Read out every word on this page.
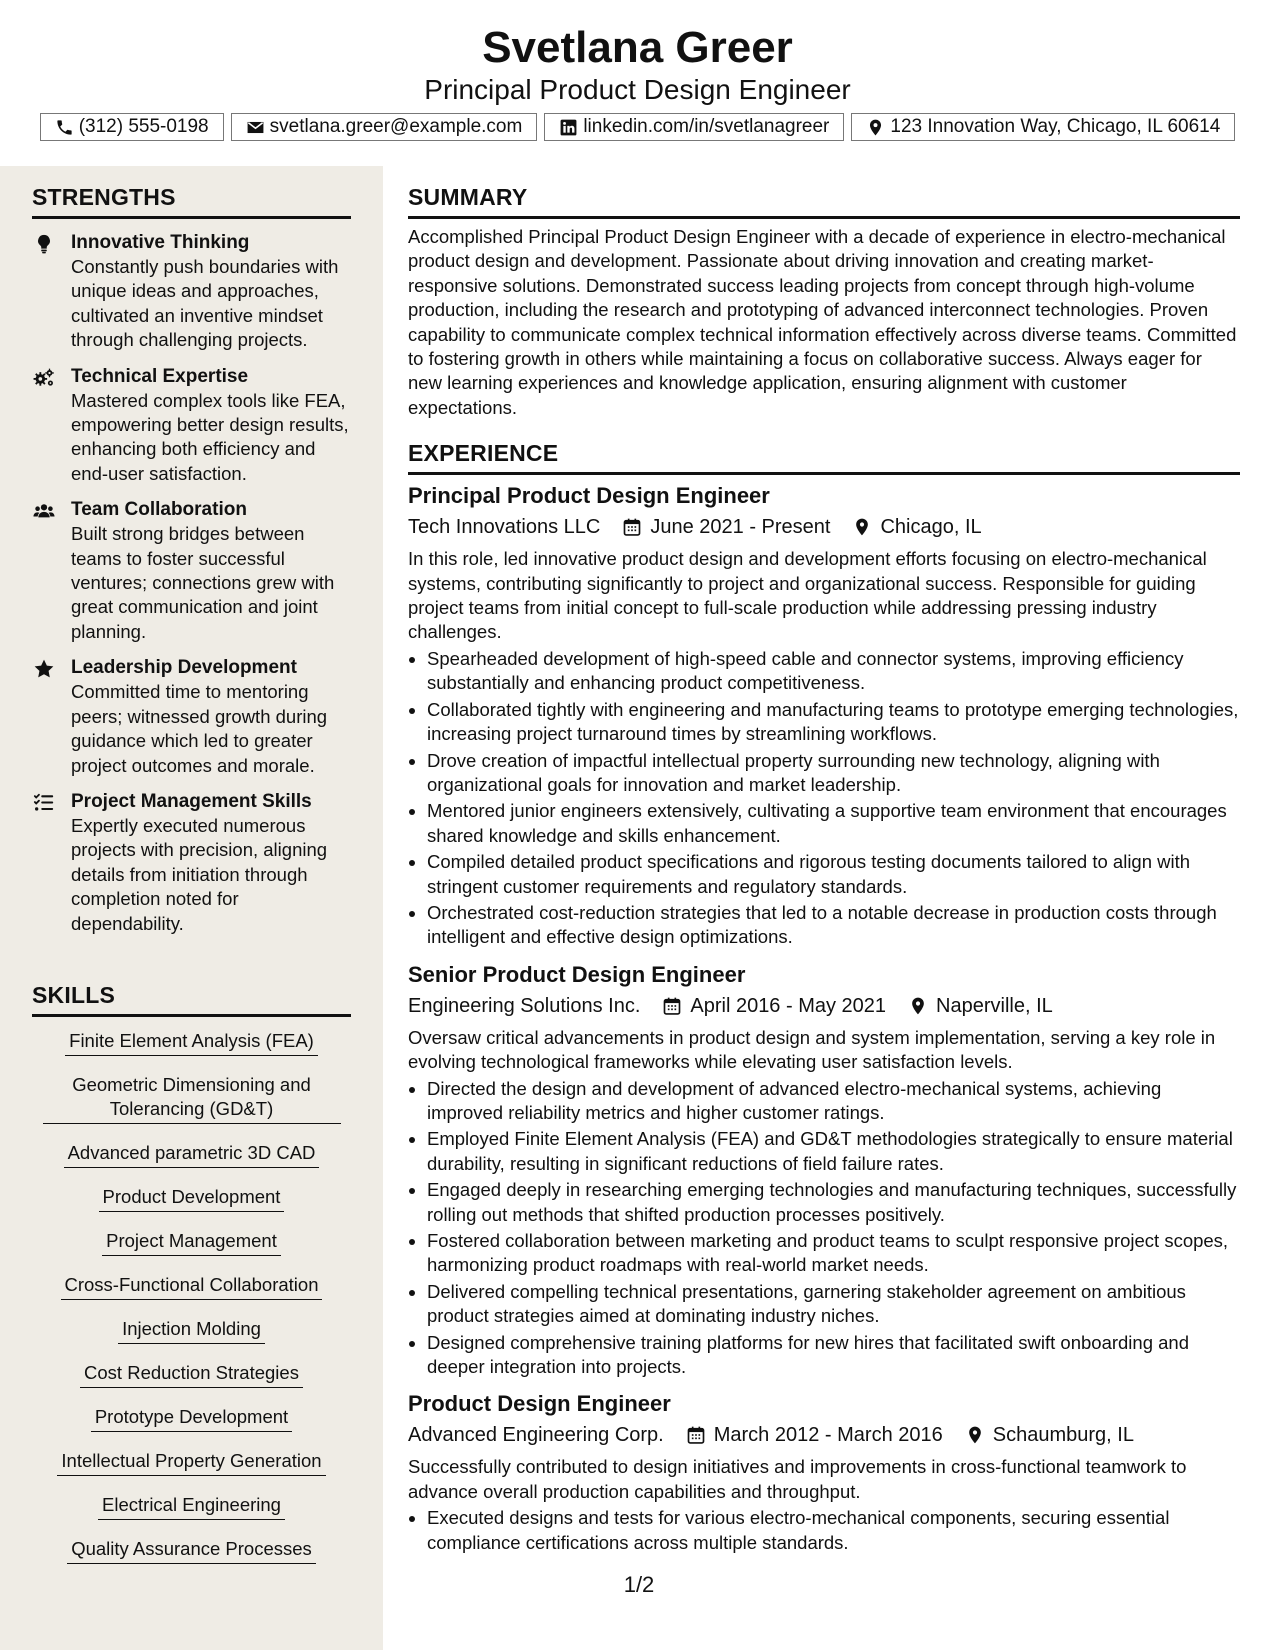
Svetlana Greer
Principal Product Design Engineer
(312) 555-0198	svetlana.greer@example.com	linkedin.com/in/svetlanagreer	123 Innovation Way, Chicago, IL 60614
STRENGTHS
Innovative Thinking
Constantly push boundaries with unique ideas and approaches, cultivated an inventive mindset through challenging projects.
Technical Expertise
Mastered complex tools like FEA, empowering better design results, enhancing both efficiency and end-user satisfaction.
Team Collaboration
Built strong bridges between teams to foster successful ventures; connections grew with great communication and joint planning.
Leadership Development
Committed time to mentoring peers; witnessed growth during guidance which led to greater project outcomes and morale.
Project Management Skills
Expertly executed numerous projects with precision, aligning details from initiation through completion noted for dependability.
SKILLS
Finite Element Analysis (FEA)
Geometric Dimensioning and Tolerancing (GD&T)
Advanced parametric 3D CAD
Product Development
Project Management
Cross-Functional Collaboration
Injection Molding
Cost Reduction Strategies
Prototype Development
Intellectual Property Generation
Electrical Engineering
Quality Assurance Processes
SUMMARY
Accomplished Principal Product Design Engineer with a decade of experience in electro-mechanical product design and development. Passionate about driving innovation and creating market-responsive solutions. Demonstrated success leading projects from concept through high-volume production, including the research and prototyping of advanced interconnect technologies. Proven capability to communicate complex technical information effectively across diverse teams. Committed to fostering growth in others while maintaining a focus on collaborative success. Always eager for new learning experiences and knowledge application, ensuring alignment with customer expectations.
EXPERIENCE
Principal Product Design Engineer
Tech Innovations LLC	June 2021 - Present	Chicago, IL
In this role, led innovative product design and development efforts focusing on electro-mechanical systems, contributing significantly to project and organizational success. Responsible for guiding project teams from initial concept to full-scale production while addressing pressing industry challenges.
• Spearheaded development of high-speed cable and connector systems, improving efficiency substantially and enhancing product competitiveness.
• Collaborated tightly with engineering and manufacturing teams to prototype emerging technologies, increasing project turnaround times by streamlining workflows.
• Drove creation of impactful intellectual property surrounding new technology, aligning with organizational goals for innovation and market leadership.
• Mentored junior engineers extensively, cultivating a supportive team environment that encourages shared knowledge and skills enhancement.
• Compiled detailed product specifications and rigorous testing documents tailored to align with stringent customer requirements and regulatory standards.
• Orchestrated cost-reduction strategies that led to a notable decrease in production costs through intelligent and effective design optimizations.
Senior Product Design Engineer
Engineering Solutions Inc.	April 2016 - May 2021	Naperville, IL
Oversaw critical advancements in product design and system implementation, serving a key role in evolving technological frameworks while elevating user satisfaction levels.
• Directed the design and development of advanced electro-mechanical systems, achieving improved reliability metrics and higher customer ratings.
• Employed Finite Element Analysis (FEA) and GD&T methodologies strategically to ensure material durability, resulting in significant reductions of field failure rates.
• Engaged deeply in researching emerging technologies and manufacturing techniques, successfully rolling out methods that shifted production processes positively.
• Fostered collaboration between marketing and product teams to sculpt responsive project scopes, harmonizing product roadmaps with real-world market needs.
• Delivered compelling technical presentations, garnering stakeholder agreement on ambitious product strategies aimed at dominating industry niches.
• Designed comprehensive training platforms for new hires that facilitated swift onboarding and deeper integration into projects.
Product Design Engineer
Advanced Engineering Corp.	March 2012 - March 2016	Schaumburg, IL
Successfully contributed to design initiatives and improvements in cross-functional teamwork to advance overall production capabilities and throughput.
• Executed designs and tests for various electro-mechanical components, securing essential compliance certifications across multiple standards.
1/2
